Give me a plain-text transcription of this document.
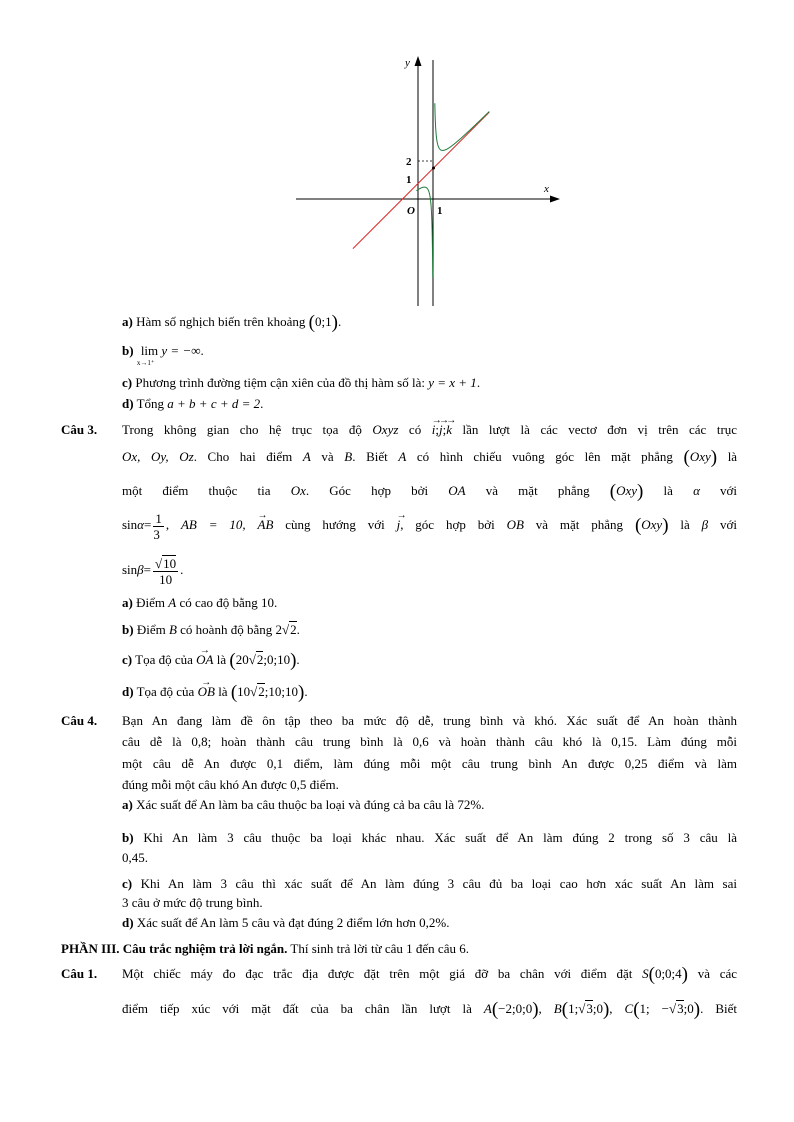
y
x
O 1
1
2
a) Hàm số nghịch biến trên khoảng (0;1).
b) lim
x→1⁺
y = −∞.
c) Phương trình đường tiệm cận xiên của đồ thị hàm số là: y = x + 1.
d) Tổng a + b + c + d = 2.
Câu 3. Trong không gian cho hệ trục tọa độ Oxyz có → i;→ j;→ k lần lượt là các vectơ đơn vị trên các trục
Ox, Oy, Oz. Cho hai điểm A và B. Biết A có hình chiếu vuông góc lên mặt phẳng (Oxy) là
một điểm thuộc tia Ox. Góc hợp bởi OA và mặt phẳng (Oxy) là α với
$\sin\alpha= \frac{1}{3}$ , AB = 10, → AB cùng hướng với → j, góc hợp bởi OB và mặt phẳng (Oxy) là β với
$\sin\beta= \frac{√10}{10}$ .
a) Điểm A có cao độ bằng 10.
b) Điểm B có hoành độ bằng 2√2.
c) Tọa độ của → OA là (20√2;0;10).
d) Tọa độ của → OB là (10√2;10;10).
Câu 4. Bạn An đang làm đề ôn tập theo ba mức độ dễ, trung bình và khó. Xác suất để An hoàn thành
câu dễ là 0,8; hoàn thành câu trung bình là 0,6 và hoàn thành câu khó là 0,15. Làm đúng mỗi
một câu dễ An được 0,1 điểm, làm đúng mỗi một câu trung bình An được 0,25 điểm và làm
đúng mỗi một câu khó An được 0,5 điểm.
a) Xác suất để An làm ba câu thuộc ba loại và đúng cả ba câu là 72%.
b) Khi An làm 3 câu thuộc ba loại khác nhau. Xác suất để An làm đúng 2 trong số 3 câu là
0,45.
c) Khi An làm 3 câu thì xác suất để An làm đúng 3 câu đủ ba loại cao hơn xác suất An làm sai
3 câu ở mức độ trung bình.
d) Xác suất để An làm 5 câu và đạt đúng 2 điểm lớn hơn 0,2%.
PHẦN III. Câu trắc nghiệm trả lời ngắn. Thí sinh trả lời từ câu 1 đến câu 6.
Câu 1. Một chiếc máy đo đạc trắc địa được đặt trên một giá đỡ ba chân với điểm đặt S(0;0;4) và các
điểm tiếp xúc với mặt đất của ba chân lần lượt là A(−2;0;0), B(1;√3;0), C(1; −√3;0). Biết
